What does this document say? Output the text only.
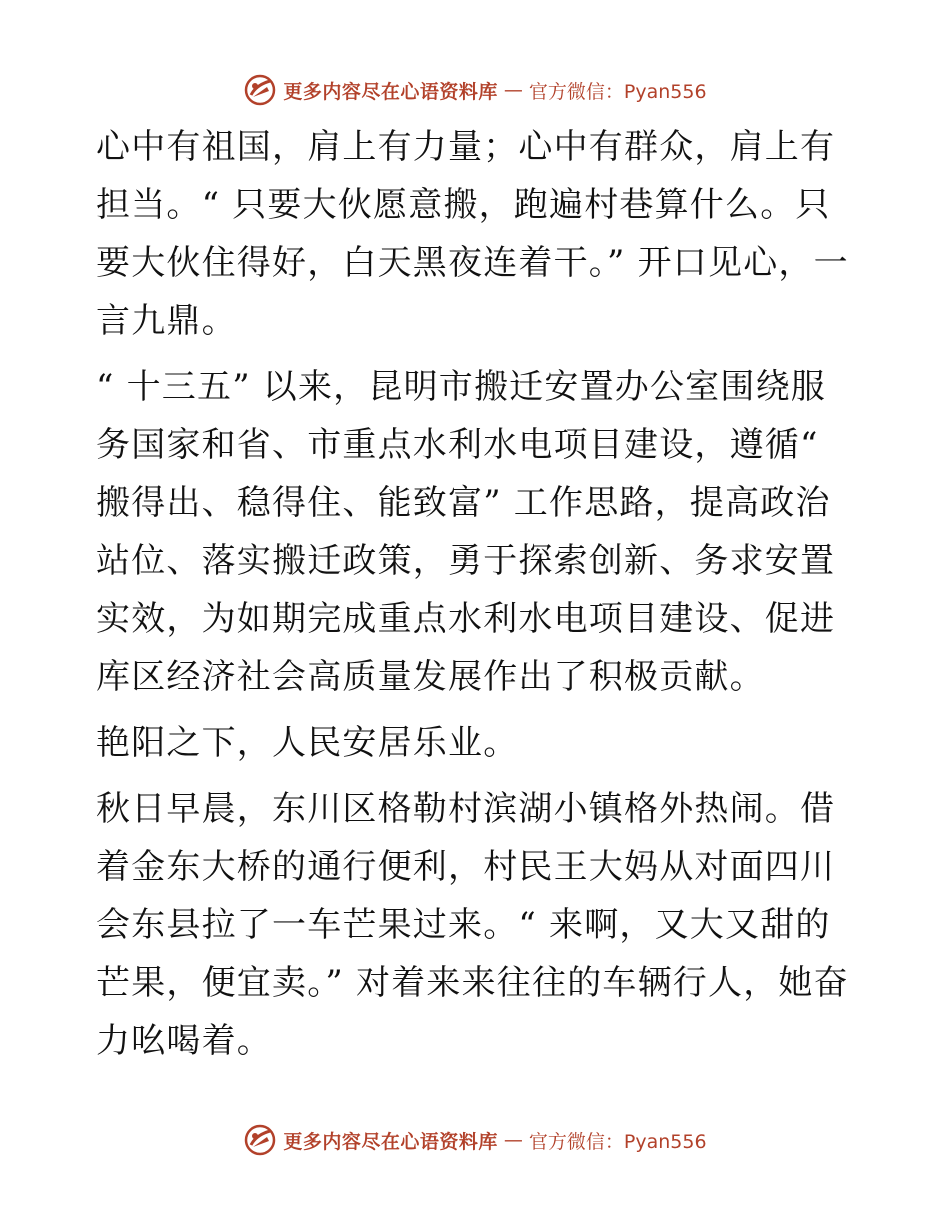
更多内容尽在心语资料库 — 官方微信：Pyan556

心中有祖国，肩上有力量；心中有群众，肩上有担当。“ 只要大伙愿意搬，跑遍村巷算什么。只要大伙住得好，白天黑夜连着干。” 开口见心，一言九鼎。

“ 十三五” 以来，昆明市搬迁安置办公室围绕服务国家和省、市重点水利水电项目建设，遵循“ 搬得出、稳得住、能致富” 工作思路，提高政治站位、落实搬迁政策，勇于探索创新、务求安置实效，为如期完成重点水利水电项目建设、促进库区经济社会高质量发展作出了积极贡献。

艳阳之下，人民安居乐业。

秋日早晨，东川区格勒村滨湖小镇格外热闹。借着金东大桥的通行便利，村民王大妈从对面四川会东县拉了一车芒果过来。“ 来啊，又大又甜的芒果，便宜卖。” 对着来来往往的车辆行人，她奋力吆喝着。

更多内容尽在心语资料库 — 官方微信：Pyan556
